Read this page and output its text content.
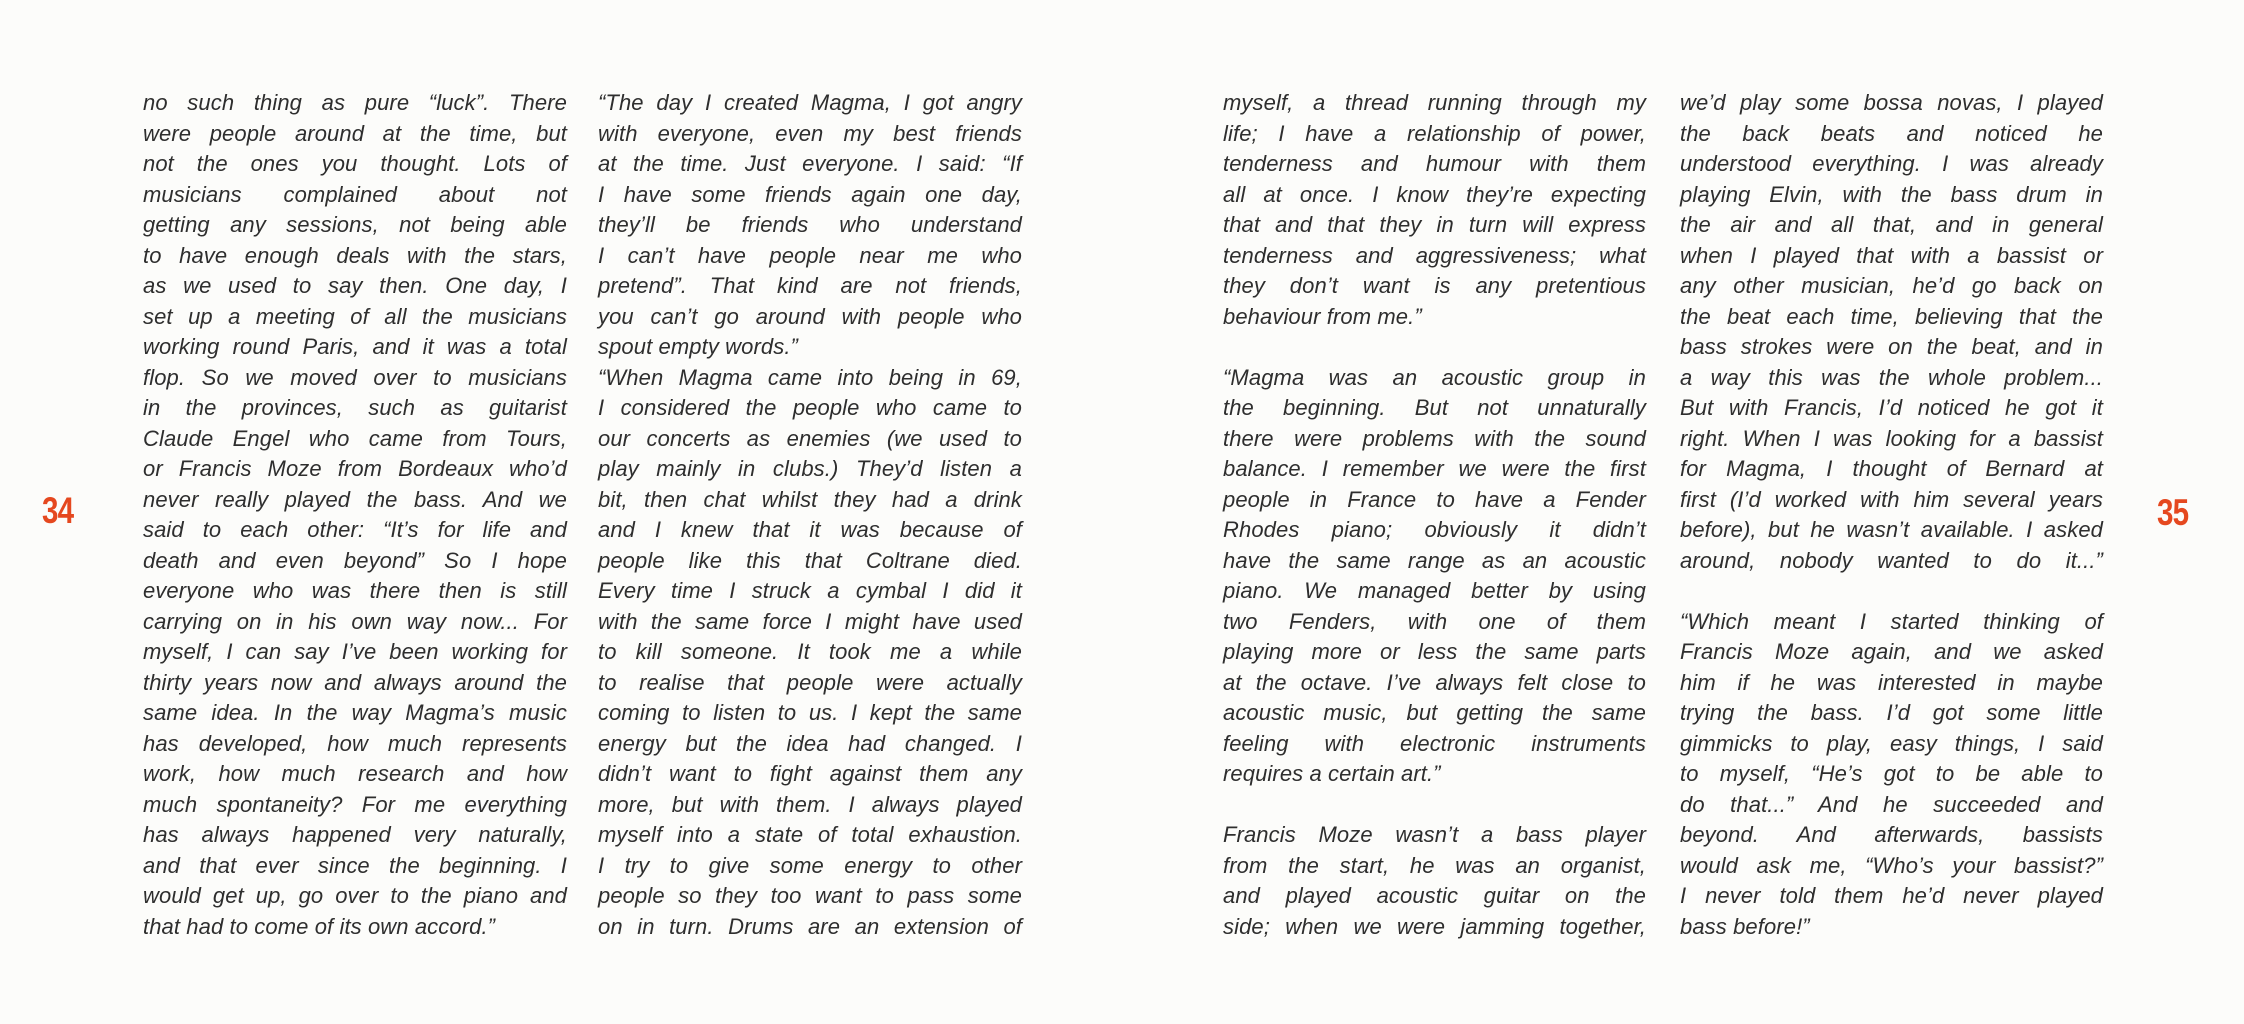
34	35
no such thing as pure “luck”. There
were people around at the time, but
not the ones you thought. Lots of
musicians complained about not
getting any sessions, not being able
to have enough deals with the stars,
as we used to say then. One day, I
set up a meeting of all the musicians
working round Paris, and it was a total
flop. So we moved over to musicians
in the provinces, such as guitarist
Claude Engel who came from Tours,
or Francis Moze from Bordeaux who’d
never really played the bass. And we
said to each other: “It’s for life and
death and even beyond” So I hope
everyone who was there then is still
carrying on in his own way now... For
myself, I can say I’ve been working for
thirty years now and always around the
same idea. In the way Magma’s music
has developed, how much represents
work, how much research and how
much spontaneity? For me everything
has always happened very naturally,
and that ever since the beginning. I
would get up, go over to the piano and
that had to come of its own accord.”
“The day I created Magma, I got angry
with everyone, even my best friends
at the time. Just everyone. I said: “If
I have some friends again one day,
they’ll be friends who understand
I can’t have people near me who
pretend”. That kind are not friends,
you can’t go around with people who
spout empty words.”
“When Magma came into being in 69,
I considered the people who came to
our concerts as enemies (we used to
play mainly in clubs.) They’d listen a
bit, then chat whilst they had a drink
and I knew that it was because of
people like this that Coltrane died.
Every time I struck a cymbal I did it
with the same force I might have used
to kill someone. It took me a while
to realise that people were actually
coming to listen to us. I kept the same
energy but the idea had changed. I
didn’t want to fight against them any
more, but with them. I always played
myself into a state of total exhaustion.
I try to give some energy to other
people so they too want to pass some
on in turn. Drums are an extension of
myself, a thread running through my
life; I have a relationship of power,
tenderness and humour with them
all at once. I know they’re expecting
that and that they in turn will express
tenderness and aggressiveness; what
they don’t want is any pretentious
behaviour from me.”
“Magma was an acoustic group in
the beginning. But not unnaturally
there were problems with the sound
balance. I remember we were the first
people in France to have a Fender
Rhodes piano; obviously it didn’t
have the same range as an acoustic
piano. We managed better by using
two Fenders, with one of them
playing more or less the same parts
at the octave. I’ve always felt close to
acoustic music, but getting the same
feeling with electronic instruments
requires a certain art.”
Francis Moze wasn’t a bass player
from the start, he was an organist,
and played acoustic guitar on the
side; when we were jamming together,
we’d play some bossa novas, I played
the back beats and noticed he
understood everything. I was already
playing Elvin, with the bass drum in
the air and all that, and in general
when I played that with a bassist or
any other musician, he’d go back on
the beat each time, believing that the
bass strokes were on the beat, and in
a way this was the whole problem...
But with Francis, I’d noticed he got it
right. When I was looking for a bassist
for Magma, I thought of Bernard at
first (I’d worked with him several years
before), but he wasn’t available. I asked
around, nobody wanted to do it...”
“Which meant I started thinking of
Francis Moze again, and we asked
him if he was interested in maybe
trying the bass. I’d got some little
gimmicks to play, easy things, I said
to myself, “He’s got to be able to
do that...” And he succeeded and
beyond. And afterwards, bassists
would ask me, “Who’s your bassist?”
I never told them he’d never played
bass before!”
